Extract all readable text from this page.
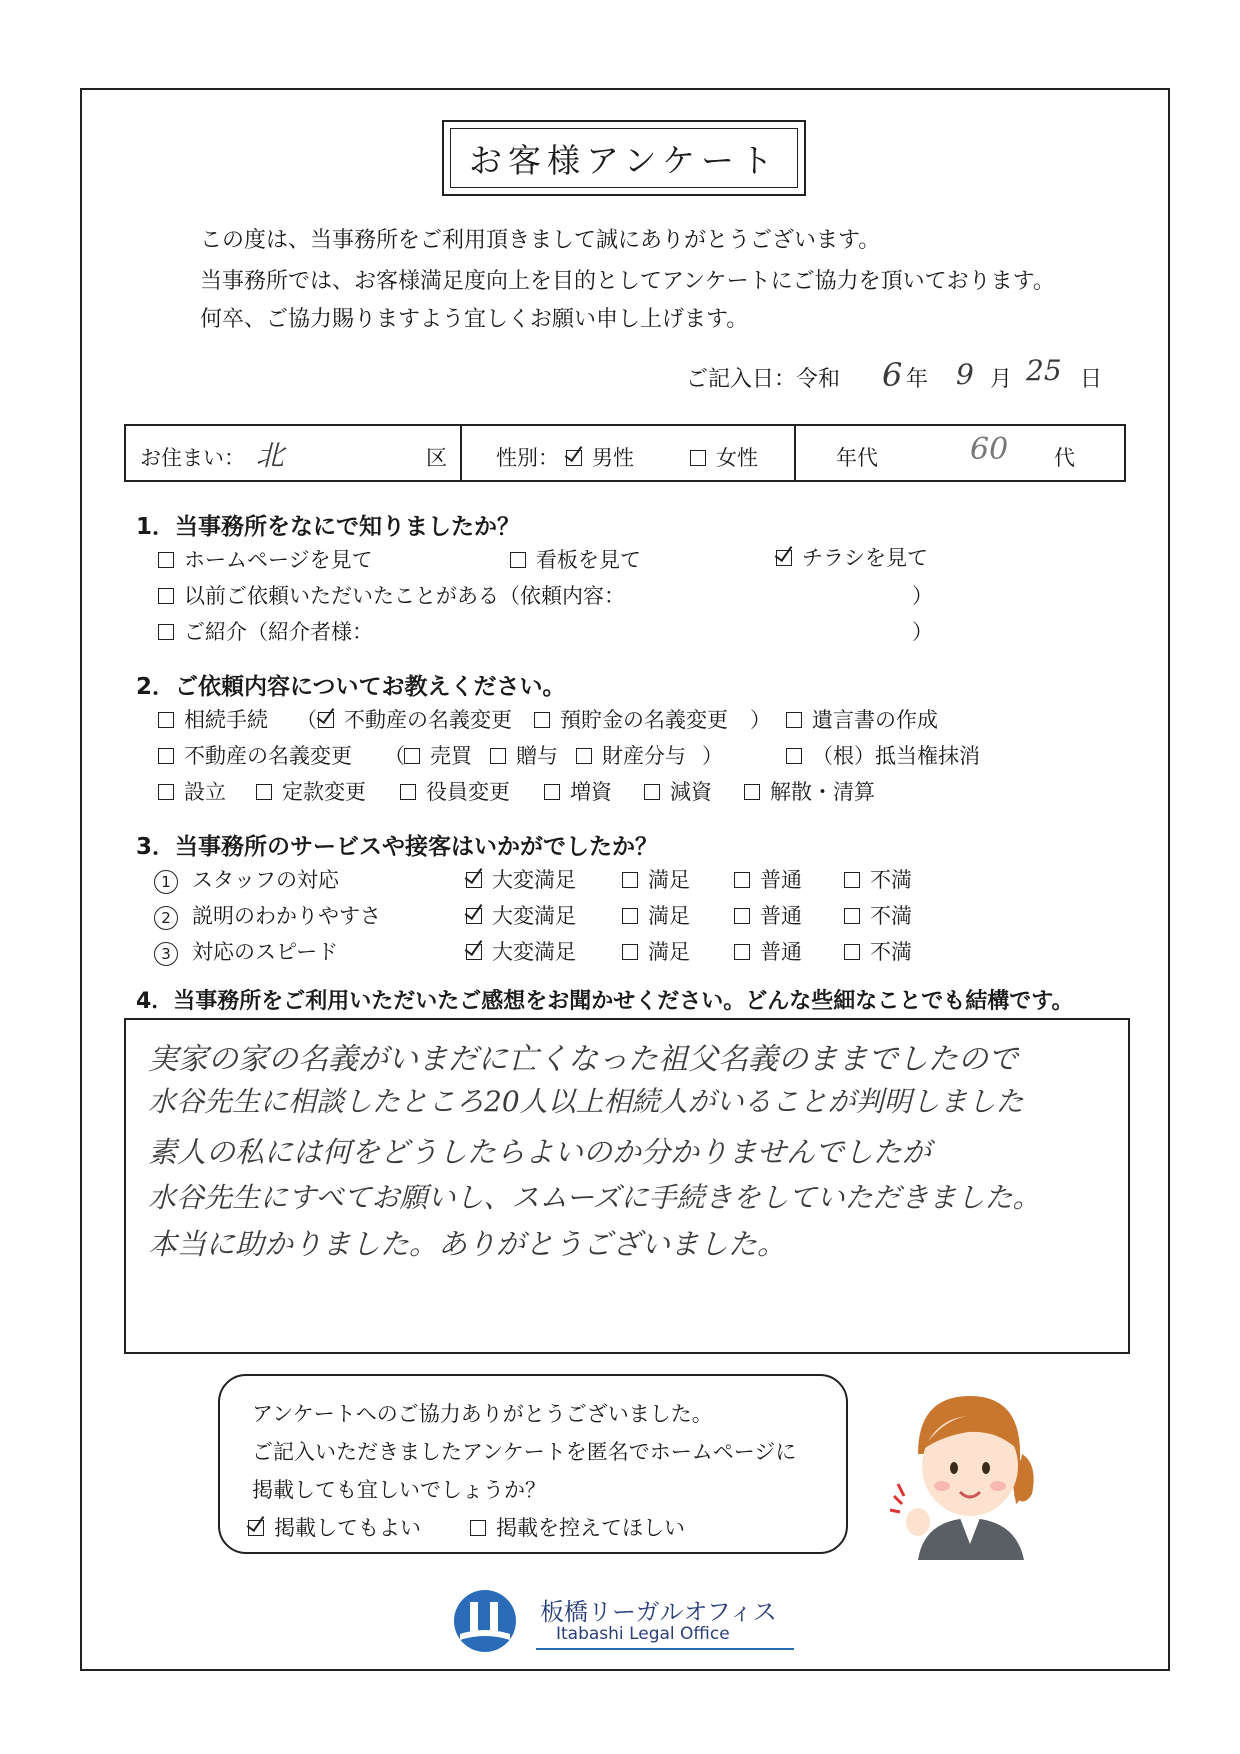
お客様アンケート
この度は、当事務所をご利用頂きまして誠にありがとうございます。
当事務所では、お客様満足度向上を目的としてアンケートにご協力を頂いております。
何卒、ご協力賜りますよう宜しくお願い申し上げます。
ご記入日：令和 6 年 9 月 25 日
お住まい： 北	区 性別：	男性	女性	年代	60 代
1．当事務所をなにで知りましたか？
ホームページを見て	看板を見て	チラシを見て
以前ご依頼いただいたことがある（依頼内容：	）
ご紹介（紹介者様：	）
2．ご依頼内容についてお教えください。
相続手続 （	不動産の名義変更	預貯金の名義変更 ）	遺言書の作成
不動産の名義変更 （	売買	贈与	財産分与 ）	（根）抵当権抹消
設立	定款変更	役員変更	増資	減資	解散・清算
3．当事務所のサービスや接客はいかがでしたか？
1 スタッフの対応	大変満足	満足	普通	不満
2 説明のわかりやすさ	大変満足	満足	普通	不満
3 対応のスピード	大変満足	満足	普通	不満
4．当事務所をご利用いただいたご感想をお聞かせください。どんな些細なことでも結構です。
実家の家の名義がいまだに亡くなった祖父名義のままでしたので
水谷先生に相談したところ20人以上相続人がいることが判明しました
素人の私には何をどうしたらよいのか分かりませんでしたが
水谷先生にすべてお願いし、スムーズに手続きをしていただきました。
本当に助かりました。ありがとうございました。
アンケートへのご協力ありがとうございました。
ご記入いただきましたアンケートを匿名でホームページに
掲載しても宜しいでしょうか？
掲載してもよい	掲載を控えてほしい
板橋リーガルオフィス
Itabashi Legal Office
